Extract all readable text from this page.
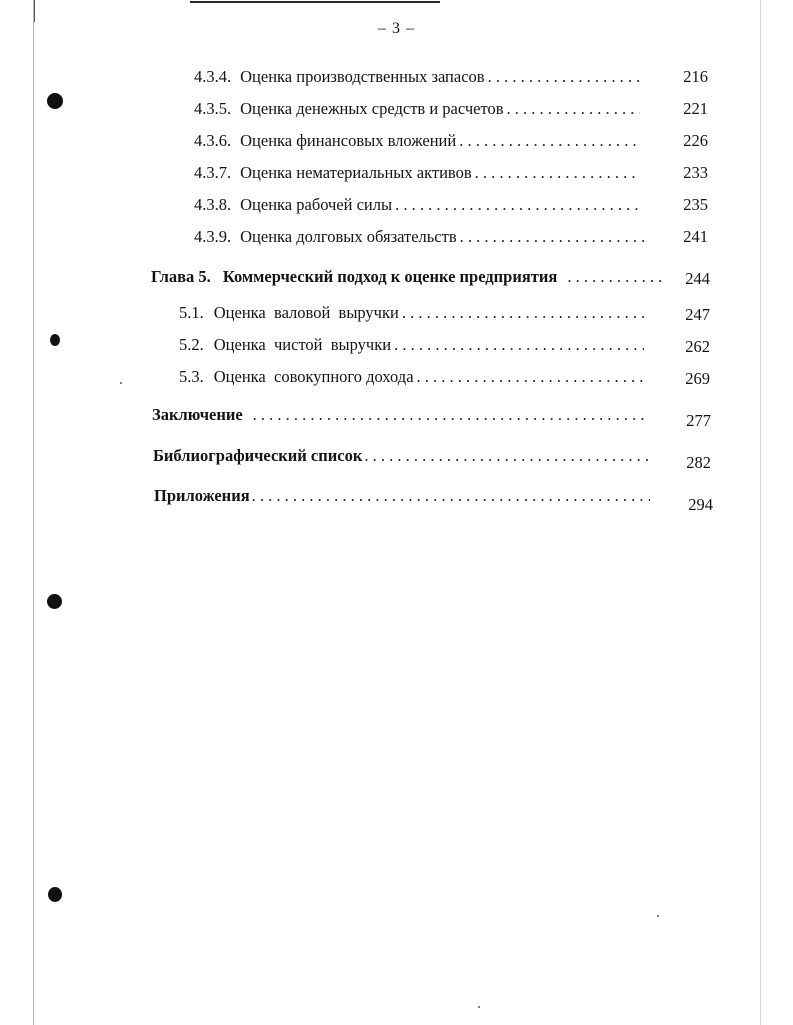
– 3 –
4.3.4. Оценка производственных запасов . . .	216
4.3.5. Оценка денежных средств и расчетов . . .	221
4.3.6. Оценка финансовых вложений . . .	226
4.3.7. Оценка нематериальных активов . . .	233
4.3.8. Оценка рабочей силы . . .	235
4.3.9. Оценка долговых обязательств . . .	241
Глава 5. Коммерческий подход к оценке предприятия . . .	244
5.1. Оценка  валовой  выручки . . .	247
5.2. Оценка  чистой  выручки . . .	262
5.3. Оценка  совокупного дохода . . .	269
Заключение . . .	277
Библиографический список . . .	282
Приложения . . .	294
